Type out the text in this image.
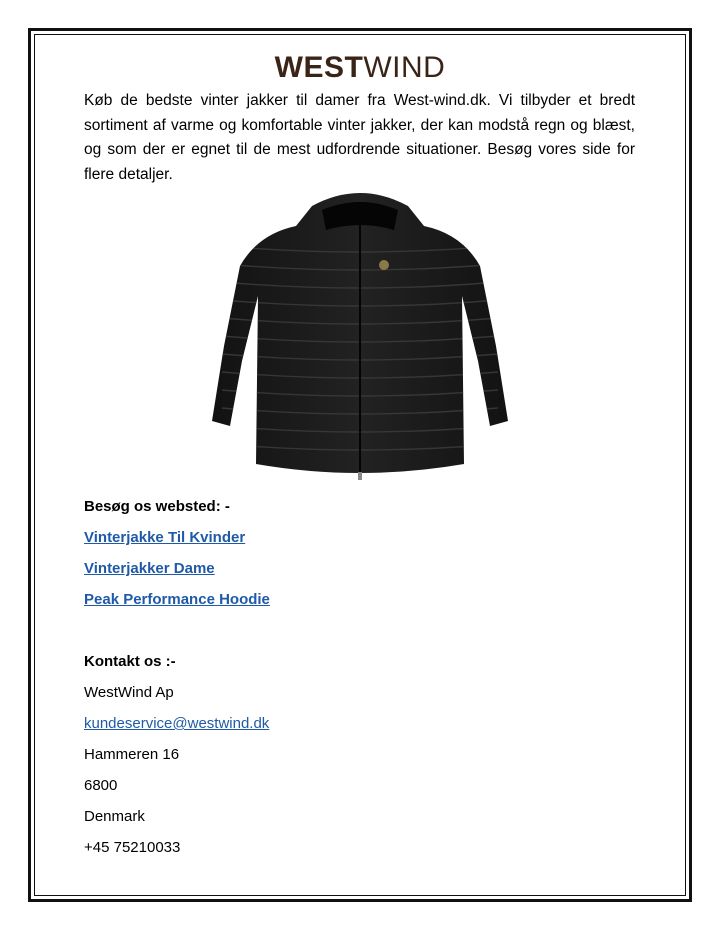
WESTWIND

Køb de bedste vinter jakker til damer fra West-wind.dk. Vi tilbyder et bredt sortiment af varme og komfortable vinter jakker, der kan modstå regn og blæst, og som der er egnet til de mest udfordrende situationer. Besøg vores side for flere detaljer.

Besøg os websted: -

Vinterjakke Til Kvinder
Vinterjakker Dame
Peak Performance Hoodie

Kontakt os :-

WestWind Ap

kundeservice@westwind.dk

Hammeren 16

6800

Denmark

+45 75210033
